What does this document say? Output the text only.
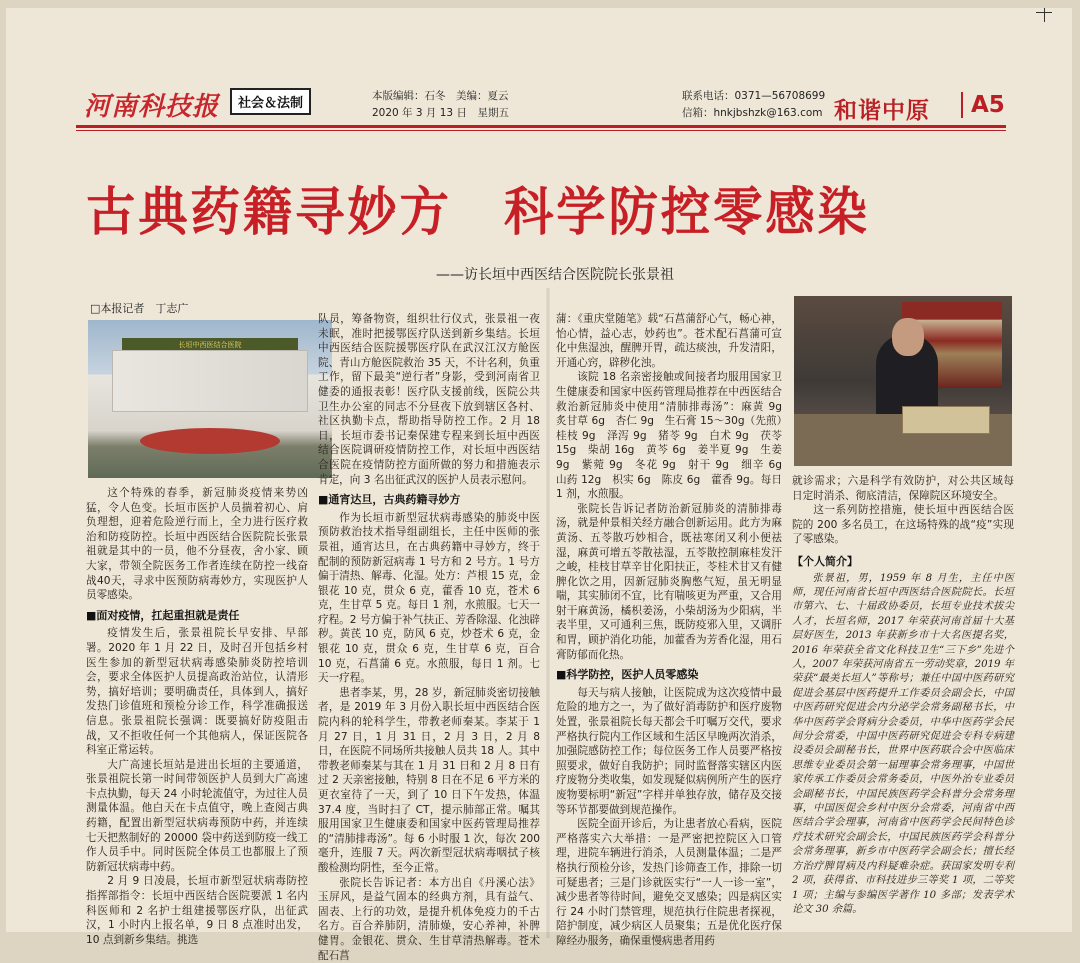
河南科技报	社会＆法制	本版编辑：石冬　美编：夏云
2020 年 3 月 13 日　星期五
联系电话：0371—56708699
信箱：hnkjbshzk@163.com 和谐中原	A5
古典药籍寻妙方　科学防控零感染
——访长垣中西医结合医院院长张景祖
□本报记者　丁志广
长垣中西医结合医院

这个特殊的春季，新冠肺炎疫情来势凶猛，令人色变。长垣市医护人员揣着初心、肩负理想，迎着危险逆行而上，全力进行医疗救治和防疫防控。长垣中西医结合医院院长张景祖就是其中的一员，他不分昼夜，舍小家、顾大家，带领全院医务工作者连续在防控一线奋战40天，寻求中医预防病毒妙方，实现医护人员零感染。

■面对疫情，扛起重担就是责任

疫情发生后，张景祖院长早安排、早部署。2020 年 1 月 22 日，及时召开包括乡村医生参加的新型冠状病毒感染肺炎防控培训会，要求全体医护人员提高政治站位，认清形势，搞好培训；要明确责任，具体到人，搞好发热门诊值班和预检分诊工作，科学准确报送信息。张景祖院长强调：既要搞好防疫阻击战，又不拒收任何一个其他病人，保证医院各科室正常运转。

大广高速长垣站是进出长垣的主要通道，张景祖院长第一时间带领医护人员到大广高速卡点执勤，每天 24 小时轮流值守，为过往人员测量体温。他白天在卡点值守，晚上查阅古典药籍，配置出新型冠状病毒预防中药，并连续七天把熬制好的 20000 袋中药送到防疫一线工作人员手中。同时医院全体员工也都服上了预防新冠状病毒中药。

2 月 9 日凌晨，长垣市新型冠状病毒防控指挥部指令：长垣中西医结合医院要派 1 名内科医师和 2 名护士组建援鄂医疗队，出征武汉，1 小时内上报名单，9 日 8 点准时出发，10 点到新乡集结。挑选

队员，筹备物资，组织壮行仪式，张景祖一夜未眠，准时把援鄂医疗队送到新乡集结。长垣中西医结合医院援鄂医疗队在武汉江汉方舱医院、青山方舱医院救治 35 天，不计名利，负重工作，留下最美“逆行者”身影，受到河南省卫健委的通报表彰！医疗队支援前线，医院公共卫生办公室的同志不分昼夜下放到辖区各村、社区执勤卡点，帮助指导防控工作。2 月 18 日，长垣市委书记秦保建专程来到长垣中西医结合医院调研疫情防控工作，对长垣中西医结合医院在疫情防控方面所做的努力和措施表示肯定，向 3 名出征武汉的医护人员表示慰问。

■通宵达旦，古典药籍寻妙方

作为长垣市新型冠状病毒感染的肺炎中医预防救治技术指导组副组长，主任中医师的张景祖，通宵达旦，在古典药籍中寻妙方，终于配制的预防新冠病毒 1 号方和 2 号方。1 号方偏于清热、解毒、化湿。处方：芦根 15 克，金银花 10 克，贯众 6 克，藿香 10 克，苍术 6 克，生甘草 5 克。每日 1 剂，水煎服。七天一疗程。2 号方偏于补气扶正、芳香除湿、化浊辟秽。黄芪 10 克，防风 6 克，炒苍术 6 克，金银花 10 克，贯众 6 克，生甘草 6 克，百合 10 克，石菖蒲 6 克。水煎服，每日 1 剂。七天一疗程。

患者李某，男，28 岁，新冠肺炎密切接触者，是 2019 年 3 月份入职长垣中西医结合医院内科的轮科学生，带教老师秦某。李某于 1 月 27 日，1 月 31 日，2 月 3 日，2 月 8 日，在医院不同场所共接触人员共 18 人。其中带教老师秦某与其在 1 月 31 日和 2 月 8 日有过 2 天亲密接触，特别 8 日在不足 6 平方米的更衣室待了一天，到了 10 日下午发热，体温 37.4 度，当时扫了 CT，提示肺部正常。嘱其服用国家卫生健康委和国家中医药管理局推荐的“清肺排毒汤”。每 6 小时服 1 次，每次 200 毫升，连服 7 天。两次新型冠状病毒咽拭子核酸检测均阴性，至今正常。

张院长告诉记者：本方出自《丹溪心法》玉屏风，是益气固本的经典方剂，具有益气、固表、上行的功效，是提升机体免疫力的千古名方。百合养肺阴，清肺燥，安心养神，补脾健胃。金银花、贯众、生甘草清热解毒。苍术配石菖

蒲：《重庆堂随笔》载“石菖蒲舒心气，畅心神，怡心情，益心志，妙药也”。苍术配石菖蒲可宣化中焦湿浊，醒脾开胃，疏达痰浊，升发清阳，开通心窍，辟秽化浊。

该院 18 名亲密接触或间接者均服用国家卫生健康委和国家中医药管理局推荐在中西医结合救治新冠肺炎中使用“清肺排毒汤”：麻黄 9g　炙甘草 6g　杏仁 9g　生石膏 15～30g（先煎）桂枝 9g　泽泻 9g　猪苓 9g　白术 9g　茯苓 15g　柴胡 16g　黄芩 6g　姜半夏 9g　生姜 9g　紫菀 9g　冬花 9g　射干 9g　细辛 6g　山药 12g　枳实 6g　陈皮 6g　藿香 9g。每日 1 剂，水煎服。

张院长告诉记者防治新冠肺炎的清肺排毒汤，就是仲景相关经方融合创新运用。此方为麻黄汤、五苓散巧妙相合，既祛寒闭又利小便祛湿，麻黄可增五苓散祛湿，五苓散控制麻桂发汗之峻，桂枝甘草辛甘化阳扶正，苓桂术甘又有健脾化饮之用，因新冠肺炎胸憋气短，虽无明显喘，其实肺闭不宜，比有喘咳更为严重，又合用射干麻黄汤，橘枳姜汤，小柴胡汤为少阳病，半表半里，又可通利三焦，既防疫邪入里，又调肝和胃，顾护消化功能，加藿香为芳香化湿，用石膏防郁而化热。

■科学防控，医护人员零感染

每天与病人接触，让医院成为这次疫情中最危险的地方之一，为了做好消毒防护和医疗废物处置，张景祖院长每天都会千叮嘱万交代，要求严格执行院内工作区域和生活区早晚两次消杀，加强院感防控工作；每位医务工作人员要严格按照要求，做好自我防护；同时监督落实辖区内医疗废物分类收集，如发现疑似病例所产生的医疗废物要标明“新冠”字样并单独存放，储存及交接等环节都要做到规范操作。

医院全面开诊后，为让患者放心看病，医院严格落实六大举措：一是严密把控院区入口管理，进院车辆进行消杀，人员测量体温；二是严格执行预检分诊，发热门诊筛查工作，排除一切可疑患者；三是门诊就医实行“一人一诊一室”，减少患者等待时间，避免交叉感染；四是病区实行 24 小时门禁管理，规范执行住院患者探视，陪护制度，减少病区人员聚集；五是优化医疗保障经办服务，确保重慢病患者用药

就诊需求；六是科学有效防护，对公共区域每日定时消杀、彻底清洁，保障院区环境安全。

这一系列防控措施，使长垣中西医结合医院的 200 多名员工，在这场特殊的战“疫”实现了零感染。

【个人简介】

张景祖，男，1959 年 8 月生，主任中医师，现任河南省长垣中西医结合医院院长。长垣市第六、七、十届政协委员，长垣专业技术拔尖人才，长垣名师，2017 年荣获河南首届十大基层好医生，2013 年获新乡市十大名医提名奖，2016 年荣获全省文化科技卫生“三下乡”先进个人，2007 年荣获河南省五一劳动奖章，2019 年荣获“最美长垣人”等称号；兼任中国中医药研究促进会基层中医药提升工作委员会副会长，中国中医药研究促进会内分泌学会常务副秘书长，中华中医药学会肾病分会委员，中华中医药学会民间分会常委，中国中医药研究促进会专科专病建设委员会副秘书长，世界中医药联合会中医临床思维专业委员会第一届理事会常务理事，中国世家传承工作委员会常务委员，中医外治专业委员会副秘书长，中国民族医药学会科普分会常务理事，中国医促会乡村中医分会常委，河南省中西医结合学会理事，河南省中医药学会民间特色诊疗技术研究会副会长，中国民族医药学会科普分会常务理事，新乡市中医药学会副会长；擅长经方治疗脾胃病及内科疑难杂症。获国家发明专利 2 项，获得省、市科技进步三等奖 1 项，二等奖 1 项；主编与参编医学著作 10 多部；发表学术论文 30 余篇。
